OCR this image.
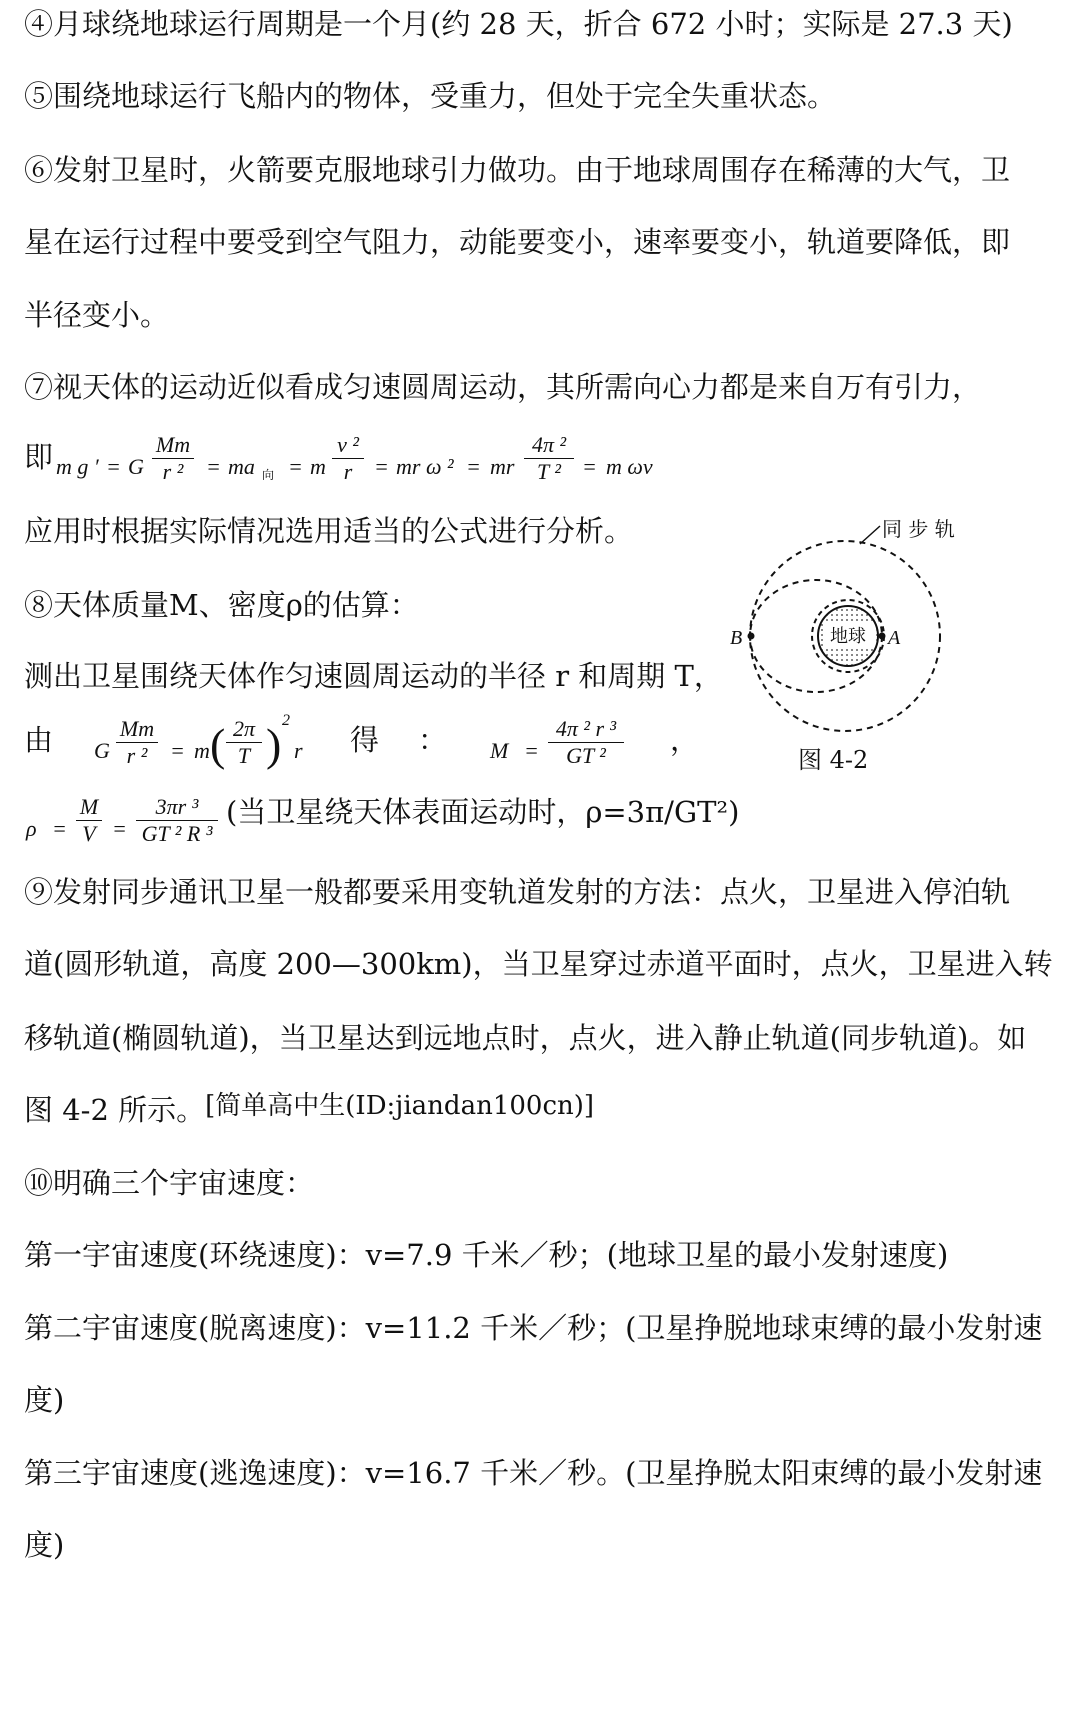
④月球绕地球运行周期是一个月(约 28 天，折合 672 小时；实际是 27.3 天)
⑤围绕地球运行飞船内的物体，受重力，但处于完全失重状态。
⑥发射卫星时，火箭要克服地球引力做功。由于地球周围存在稀薄的大气，卫
星在运行过程中要受到空气阻力，动能要变小，速率要变小，轨道要降低，即
半径变小。
⑦视天体的运动近似看成匀速圆周运动，其所需向心力都是来自万有引力，
即 m g ′ = G
Mm
r ²	= ma 向 = m
v ²
r = mr ω ² = mr
4π ²
T ² = m ωv
应用时根据实际情况选用适当的公式进行分析。
⑧天体质量M、密度ρ的估算：
测出卫星围绕天体作匀速圆周运动的半径 r 和周期 T，
由 G
Mm
r ²	= m ( 2π
T ) 2
r 得 ： M =
4π ² r ³
GT ²	，
ρ =
M
V =
3πr ³
GT ² R ³
(当卫星绕天体表面运动时，ρ=3π/GT²)
地球 A
B
同 步 轨
图 4-2
⑨发射同步通讯卫星一般都要采用变轨道发射的方法：点火，卫星进入停泊轨
道(圆形轨道，高度 200—300km)，当卫星穿过赤道平面时，点火，卫星进入转
移轨道(椭圆轨道)，当卫星达到远地点时，点火，进入静止轨道(同步轨道)。如
图 4-2 所示。[简单高中生(ID:jiandan100cn)]
⑩明确三个宇宙速度：
第一宇宙速度(环绕速度)：v=7.9 千米／秒；(地球卫星的最小发射速度)
第二宇宙速度(脱离速度)：v=11.2 千米／秒；(卫星挣脱地球束缚的最小发射速
度)
第三宇宙速度(逃逸速度)：v=16.7 千米／秒。(卫星挣脱太阳束缚的最小发射速
度)
